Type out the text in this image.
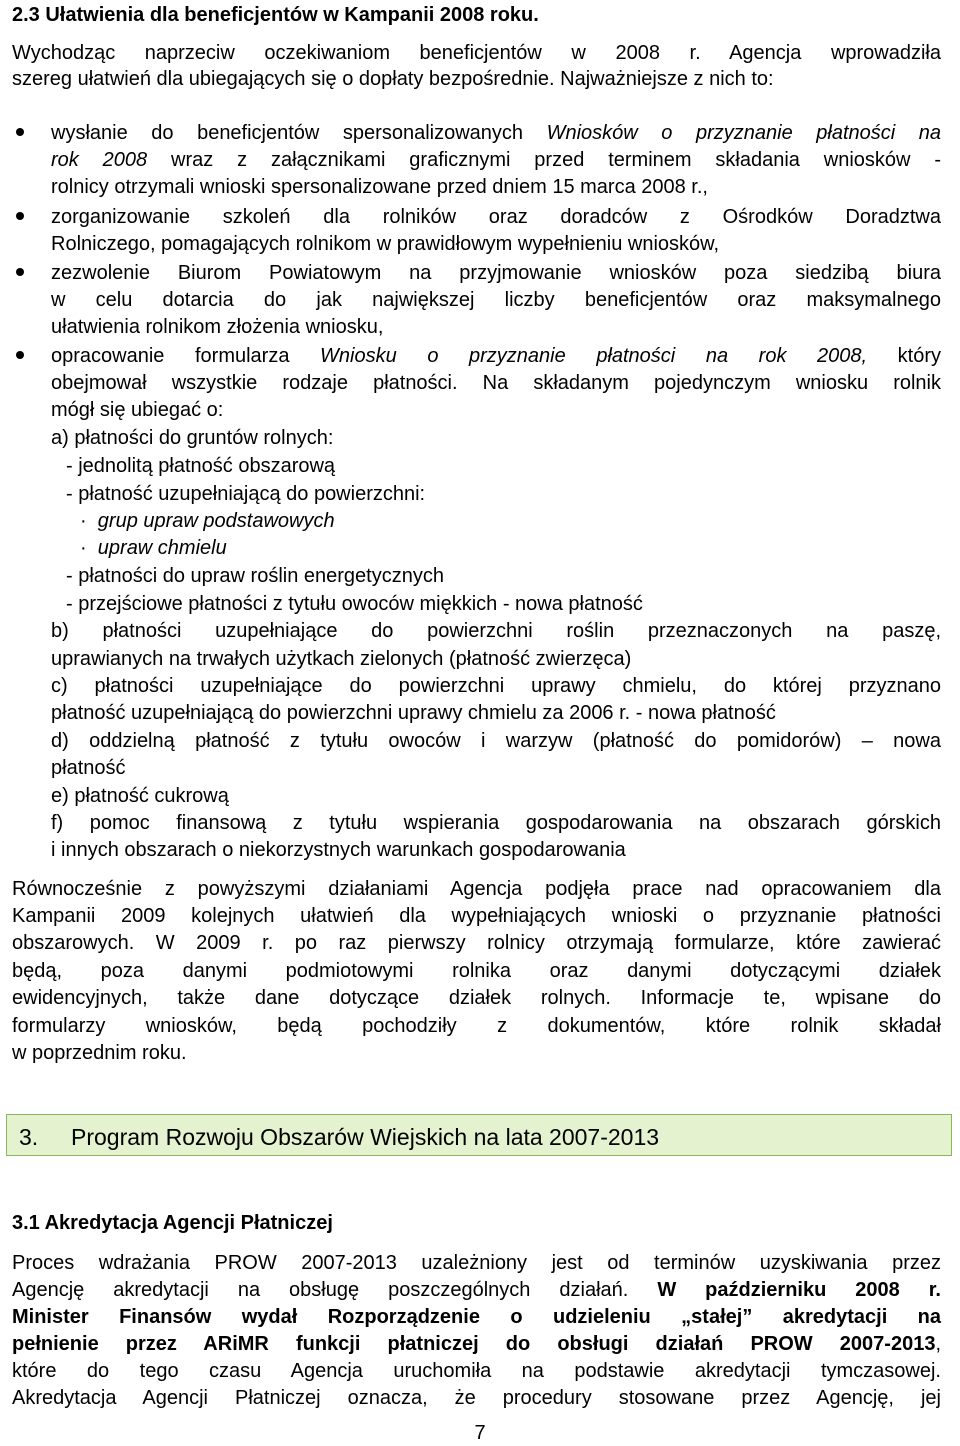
2.3 Ułatwienia dla beneficjentów w Kampanii 2008 roku.
Wychodząc naprzeciw oczekiwaniom beneficjentów w 2008 r. Agencja wprowadziła
szereg ułatwień dla ubiegających się o dopłaty bezpośrednie. Najważniejsze z nich to:
wysłanie do beneficjentów spersonalizowanych Wniosków o przyznanie płatności na
rok 2008 wraz z załącznikami graficznymi przed terminem składania wniosków -
rolnicy otrzymali wnioski spersonalizowane przed dniem 15 marca 2008 r.,
zorganizowanie szkoleń dla rolników oraz doradców z Ośrodków Doradztwa
Rolniczego, pomagających rolnikom w prawidłowym wypełnieniu wniosków,
zezwolenie Biurom Powiatowym na przyjmowanie wniosków poza siedzibą biura
w celu dotarcia do jak największej liczby beneficjentów oraz maksymalnego
ułatwienia rolnikom złożenia wniosku,
opracowanie formularza Wniosku o przyznanie płatności na rok 2008, który
obejmował wszystkie rodzaje płatności. Na składanym pojedynczym wniosku rolnik
mógł się ubiegać o:
a) płatności do gruntów rolnych:
- jednolitą płatność obszarową
- płatność uzupełniającą do powierzchni:
·  grup upraw podstawowych
·  upraw chmielu
- płatności do upraw roślin energetycznych
- przejściowe płatności z tytułu owoców miękkich - nowa płatność
b) płatności uzupełniające do powierzchni roślin przeznaczonych na paszę,
uprawianych na trwałych użytkach zielonych (płatność zwierzęca)
c) płatności uzupełniające do powierzchni uprawy chmielu, do której przyznano
płatność uzupełniającą do powierzchni uprawy chmielu za 2006 r. - nowa płatność
d) oddzielną płatność z tytułu owoców i warzyw (płatność do pomidorów) – nowa
płatność
e) płatność cukrową
f) pomoc finansową z tytułu wspierania gospodarowania na obszarach górskich
i innych obszarach o niekorzystnych warunkach gospodarowania
Równocześnie z powyższymi działaniami Agencja podjęła prace nad opracowaniem dla
Kampanii 2009 kolejnych ułatwień dla wypełniających wnioski o przyznanie płatności
obszarowych. W 2009 r. po raz pierwszy rolnicy otrzymają formularze, które zawierać
będą, poza danymi podmiotowymi rolnika oraz danymi dotyczącymi działek
ewidencyjnych, także dane dotyczące działek rolnych. Informacje te, wpisane do
formularzy wniosków, będą pochodziły z dokumentów, które rolnik składał
w poprzednim roku.
3. Program Rozwoju Obszarów Wiejskich na lata 2007-2013
3.1 Akredytacja Agencji Płatniczej
Proces wdrażania PROW 2007-2013 uzależniony jest od terminów uzyskiwania przez
Agencję akredytacji na obsługę poszczególnych działań. W październiku 2008 r.
Minister Finansów wydał Rozporządzenie o udzieleniu „stałej” akredytacji na
pełnienie przez ARiMR funkcji płatniczej do obsługi działań PROW 2007-2013,
które do tego czasu Agencja uruchomiła na podstawie akredytacji tymczasowej.
Akredytacja Agencji Płatniczej oznacza, że procedury stosowane przez Agencję, jej
7
